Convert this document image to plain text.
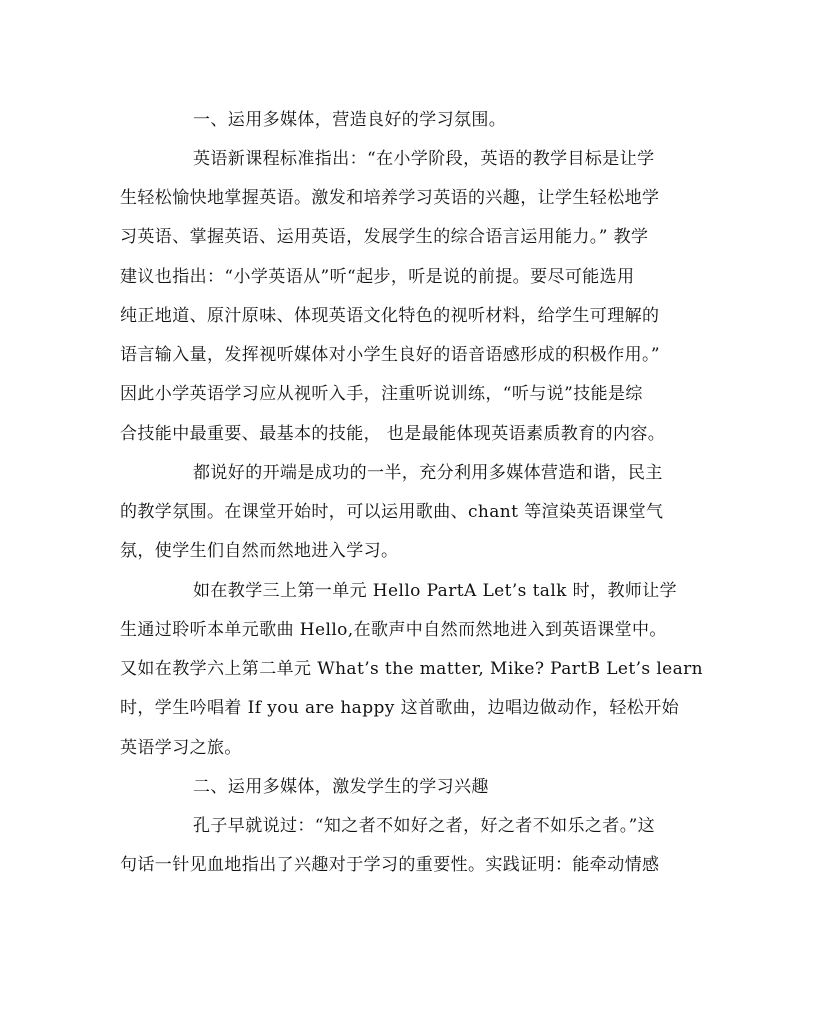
一、运用多媒体，营造良好的学习氛围。
英语新课程标准指出：“在小学阶段，英语的教学目标是让学
生轻松愉快地掌握英语。激发和培养学习英语的兴趣，让学生轻松地学
习英语、掌握英语、运用英语，发展学生的综合语言运用能力。” 教学
建议也指出：“小学英语从”听“起步，听是说的前提。要尽可能选用
纯正地道、原汁原味、体现英语文化特色的视听材料，给学生可理解的
语言输入量，发挥视听媒体对小学生良好的语音语感形成的积极作用。”
因此小学英语学习应从视听入手，注重听说训练，“听与说”技能是综
合技能中最重要、最基本的技能， 也是最能体现英语素质教育的内容。
都说好的开端是成功的一半，充分利用多媒体营造和谐，民主
的教学氛围。在课堂开始时，可以运用歌曲、chant 等渲染英语课堂气
氛，使学生们自然而然地进入学习。
如在教学三上第一单元 Hello PartA Let’s talk 时，教师让学
生通过聆听本单元歌曲 Hello,在歌声中自然而然地进入到英语课堂中。
又如在教学六上第二单元 What’s the matter, Mike? PartB Let’s learn
时，学生吟唱着 If you are happy 这首歌曲，边唱边做动作，轻松开始
英语学习之旅。
二、运用多媒体，激发学生的学习兴趣
孔子早就说过：“知之者不如好之者，好之者不如乐之者。”这
句话一针见血地指出了兴趣对于学习的重要性。实践证明：能牵动情感
